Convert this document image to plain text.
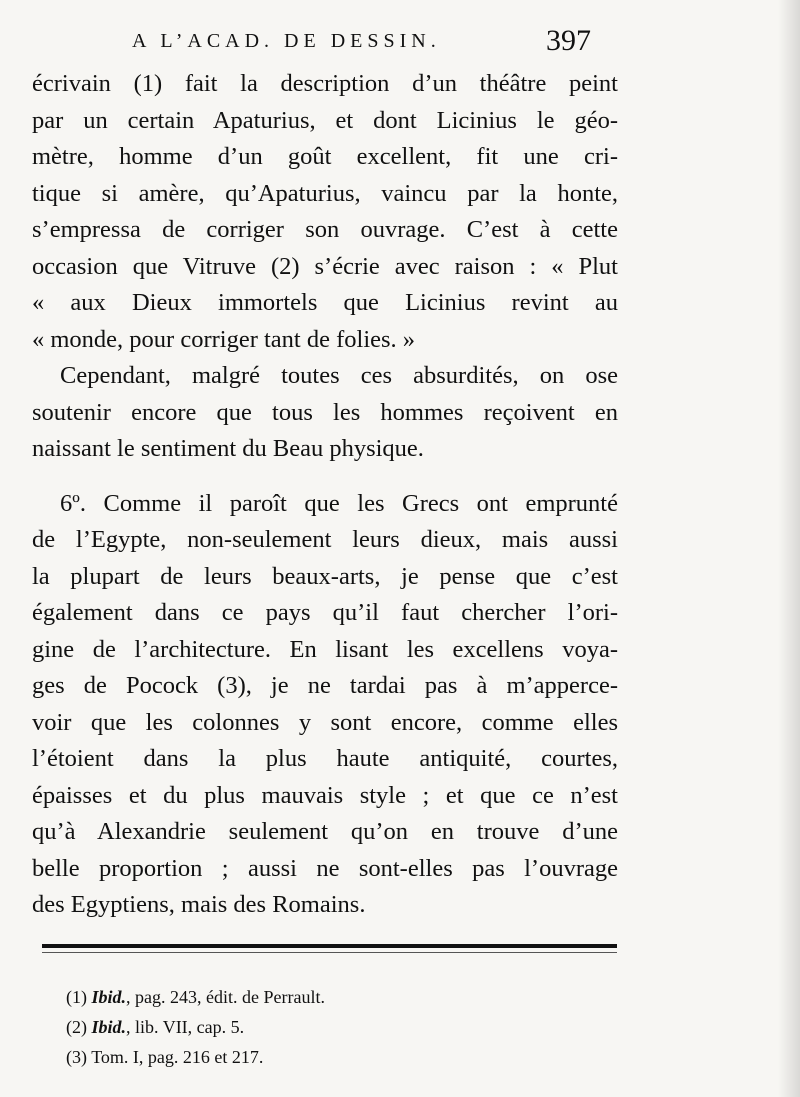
A L’ACAD. DE DESSIN.	397
écrivain (1) fait la description d’un théâtre peint
par un certain Apaturius, et dont Licinius le géo-
mètre, homme d’un goût excellent, fit une cri-
tique si amère, qu’Apaturius, vaincu par la honte,
s’empressa de corriger son ouvrage. C’est à cette
occasion que Vitruve (2) s’écrie avec raison : « Plut
« aux Dieux immortels que Licinius revint au
« monde, pour corriger tant de folies. »
Cependant, malgré toutes ces absurdités, on ose
soutenir encore que tous les hommes reçoivent en
naissant le sentiment du Beau physique.
6º. Comme il paroît que les Grecs ont emprunté
de l’Egypte, non-seulement leurs dieux, mais aussi
la plupart de leurs beaux-arts, je pense que c’est
également dans ce pays qu’il faut chercher l’ori-
gine de l’architecture. En lisant les excellens voya-
ges de Pocock (3), je ne tardai pas à m’apperce-
voir que les colonnes y sont encore, comme elles
l’étoient dans la plus haute antiquité, courtes,
épaisses et du plus mauvais style ; et que ce n’est
qu’à Alexandrie seulement qu’on en trouve d’une
belle proportion ; aussi ne sont-elles pas l’ouvrage
des Egyptiens, mais des Romains.
(1) Ibid., pag. 243, édit. de Perrault.
(2) Ibid., lib. VII, cap. 5.
(3) Tom. I, pag. 216 et 217.
